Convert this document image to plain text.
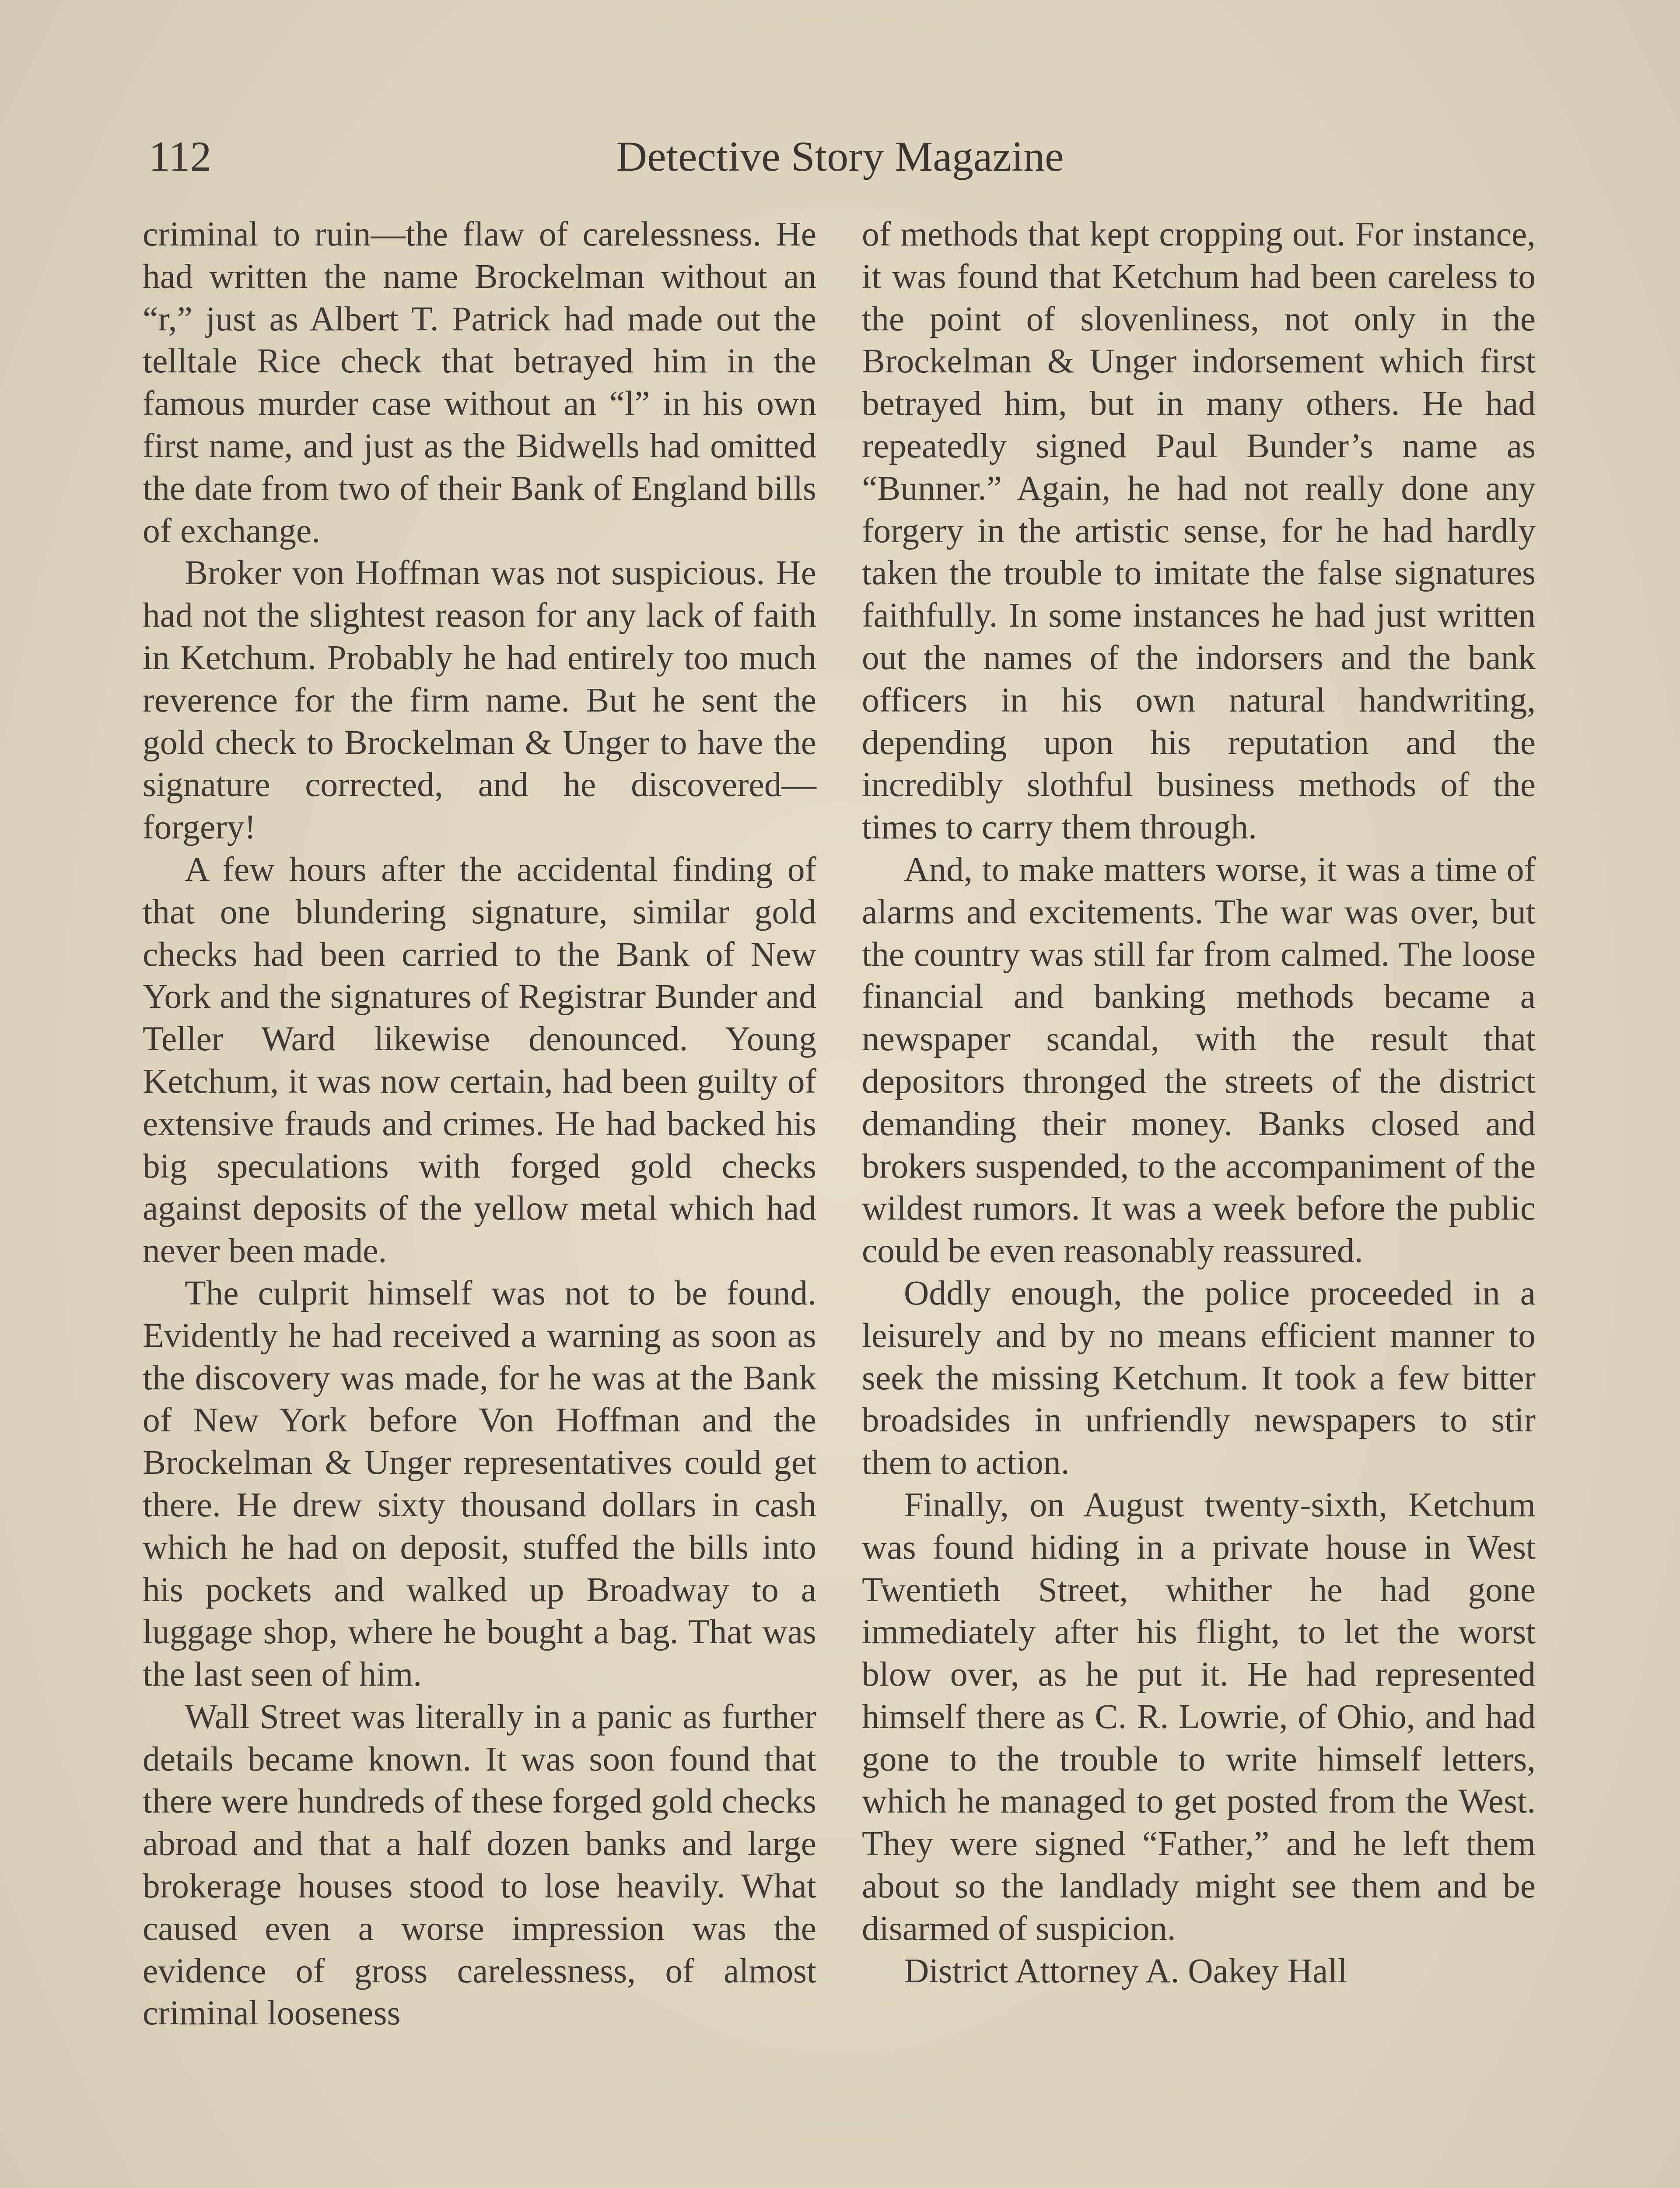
112	Detective Story Magazine

criminal to ruin—the flaw of carelessness. He had written the name Brockelman without an “r,” just as Albert T. Patrick had made out the telltale Rice check that betrayed him in the famous murder case without an “l” in his own first name, and just as the Bidwells had omitted the date from two of their Bank of England bills of exchange.

Broker von Hoffman was not suspicious. He had not the slightest reason for any lack of faith in Ketchum. Probably he had entirely too much reverence for the firm name. But he sent the gold check to Brockelman & Unger to have the signature corrected, and he discovered—forgery!

A few hours after the accidental finding of that one blundering signature, similar gold checks had been carried to the Bank of New York and the signatures of Registrar Bunder and Teller Ward likewise denounced. Young Ketchum, it was now certain, had been guilty of extensive frauds and crimes. He had backed his big speculations with forged gold checks against deposits of the yellow metal which had never been made.

The culprit himself was not to be found. Evidently he had received a warning as soon as the discovery was made, for he was at the Bank of New York before Von Hoffman and the Brockelman & Unger representatives could get there. He drew sixty thousand dollars in cash which he had on deposit, stuffed the bills into his pockets and walked up Broadway to a luggage shop, where he bought a bag. That was the last seen of him.

Wall Street was literally in a panic as further details became known. It was soon found that there were hundreds of these forged gold checks abroad and that a half dozen banks and large brokerage houses stood to lose heavily. What caused even a worse impression was the evidence of gross carelessness, of almost criminal looseness

of methods that kept cropping out. For instance, it was found that Ketchum had been careless to the point of slovenliness, not only in the Brockelman & Unger indorsement which first betrayed him, but in many others. He had repeatedly signed Paul Bunder’s name as “Bunner.” Again, he had not really done any forgery in the artistic sense, for he had hardly taken the trouble to imitate the false signatures faithfully. In some instances he had just written out the names of the indorsers and the bank officers in his own natural handwriting, depending upon his reputation and the incredibly slothful business methods of the times to carry them through.

And, to make matters worse, it was a time of alarms and excitements. The war was over, but the country was still far from calmed. The loose financial and banking methods became a newspaper scandal, with the result that depositors thronged the streets of the district demanding their money. Banks closed and brokers suspended, to the accompaniment of the wildest rumors. It was a week before the public could be even reasonably reassured.

Oddly enough, the police proceeded in a leisurely and by no means efficient manner to seek the missing Ketchum. It took a few bitter broadsides in unfriendly newspapers to stir them to action.

Finally, on August twenty-sixth, Ketchum was found hiding in a private house in West Twentieth Street, whither he had gone immediately after his flight, to let the worst blow over, as he put it. He had represented himself there as C. R. Lowrie, of Ohio, and had gone to the trouble to write himself letters, which he managed to get posted from the West. They were signed “Father,” and he left them about so the landlady might see them and be disarmed of suspicion.

District Attorney A. Oakey Hall
